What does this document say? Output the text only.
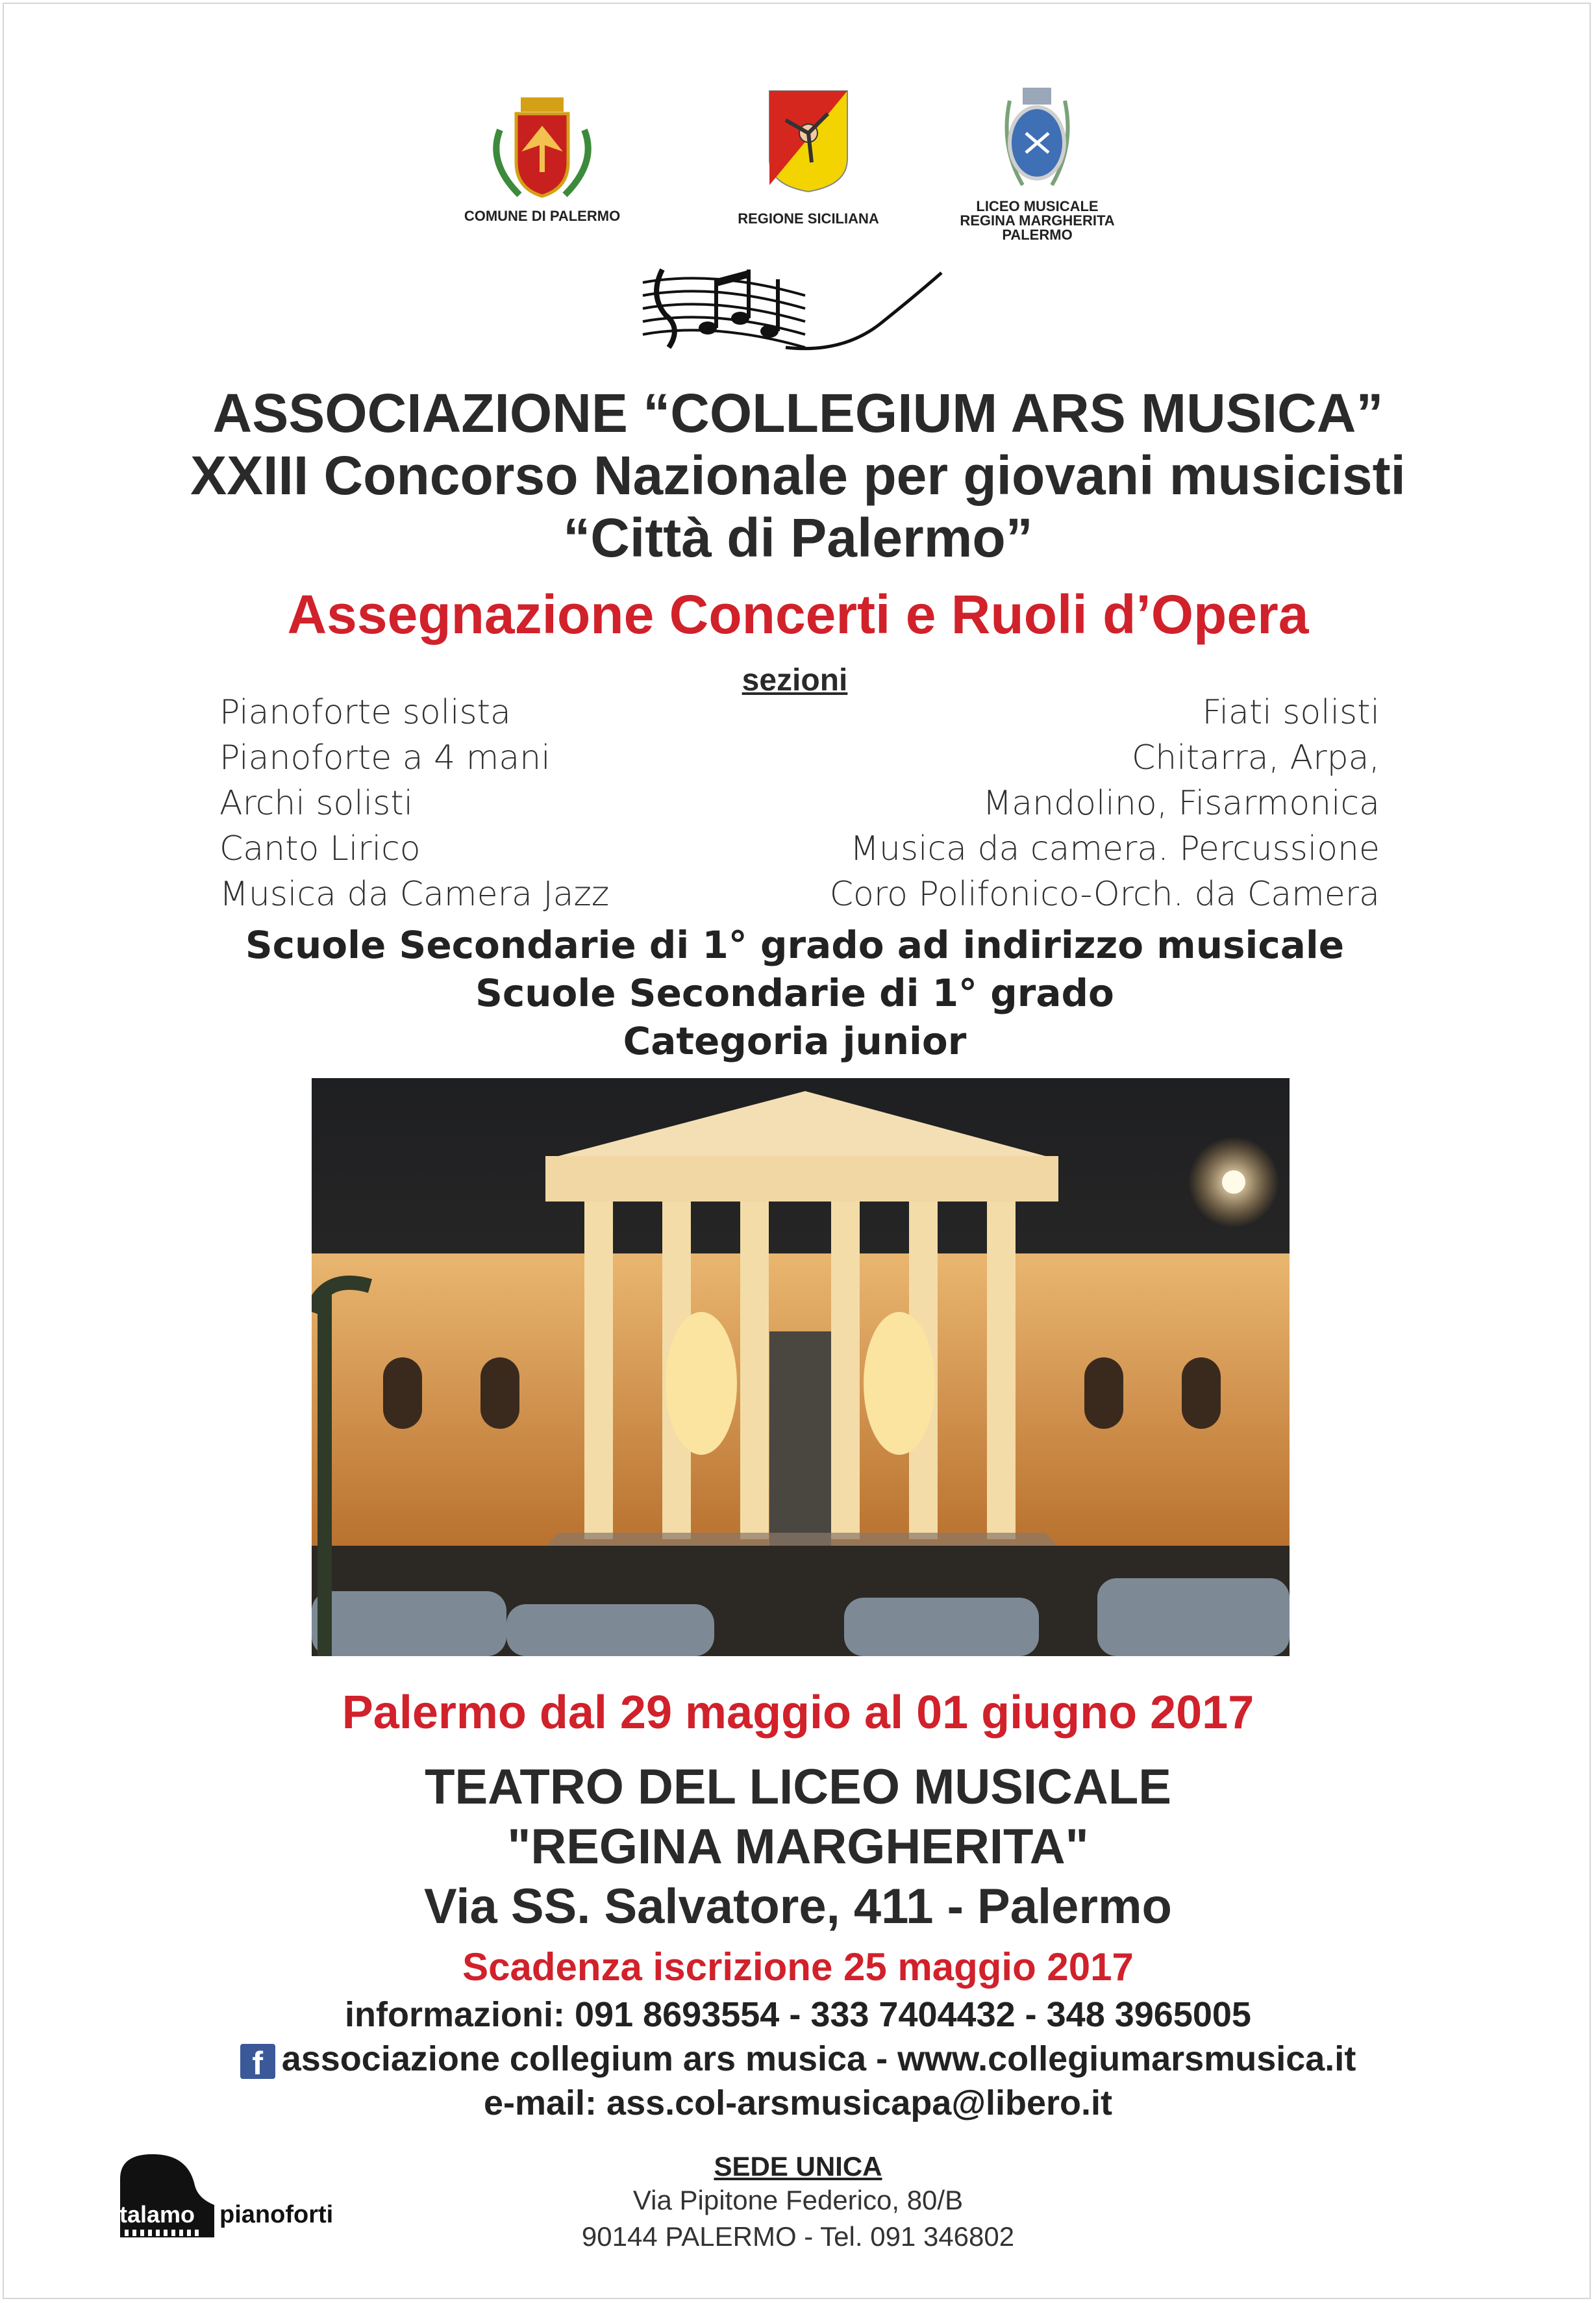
COMUNE DI PALERMO	REGIONE SICILIANA
LICEO MUSICALE
REGINA MARGHERITA
PALERMO
ASSOCIAZIONE “COLLEGIUM ARS MUSICA”
XXIII Concorso Nazionale per giovani musicisti
“Città di Palermo”
Assegnazione Concerti e Ruoli d’Opera
sezioni
Pianoforte solista
Pianoforte a 4 mani
Archi solisti
Canto Lirico
Musica da Camera Jazz
Fiati solisti
Chitarra, Arpa,
Mandolino, Fisarmonica
Musica da camera. Percussione
Coro Polifonico-Orch. da Camera
Scuole Secondarie di 1° grado ad indirizzo musicale
Scuole Secondarie di 1° grado
Categoria junior
Palermo dal 29 maggio al 01 giugno 2017
TEATRO DEL LICEO MUSICALE
"REGINA MARGHERITA"
Via SS. Salvatore, 411 - Palermo
Scadenza iscrizione 25 maggio 2017
informazioni: 091 8693554 - 333 7404432 - 348 3965005
f associazione collegium ars musica - www.collegiumarsmusica.it
e-mail: ass.col-arsmusicapa@libero.it
SEDE UNICA
Via Pipitone Federico, 80/B
90144 PALERMO - Tel. 091 346802
talamo pianoforti
